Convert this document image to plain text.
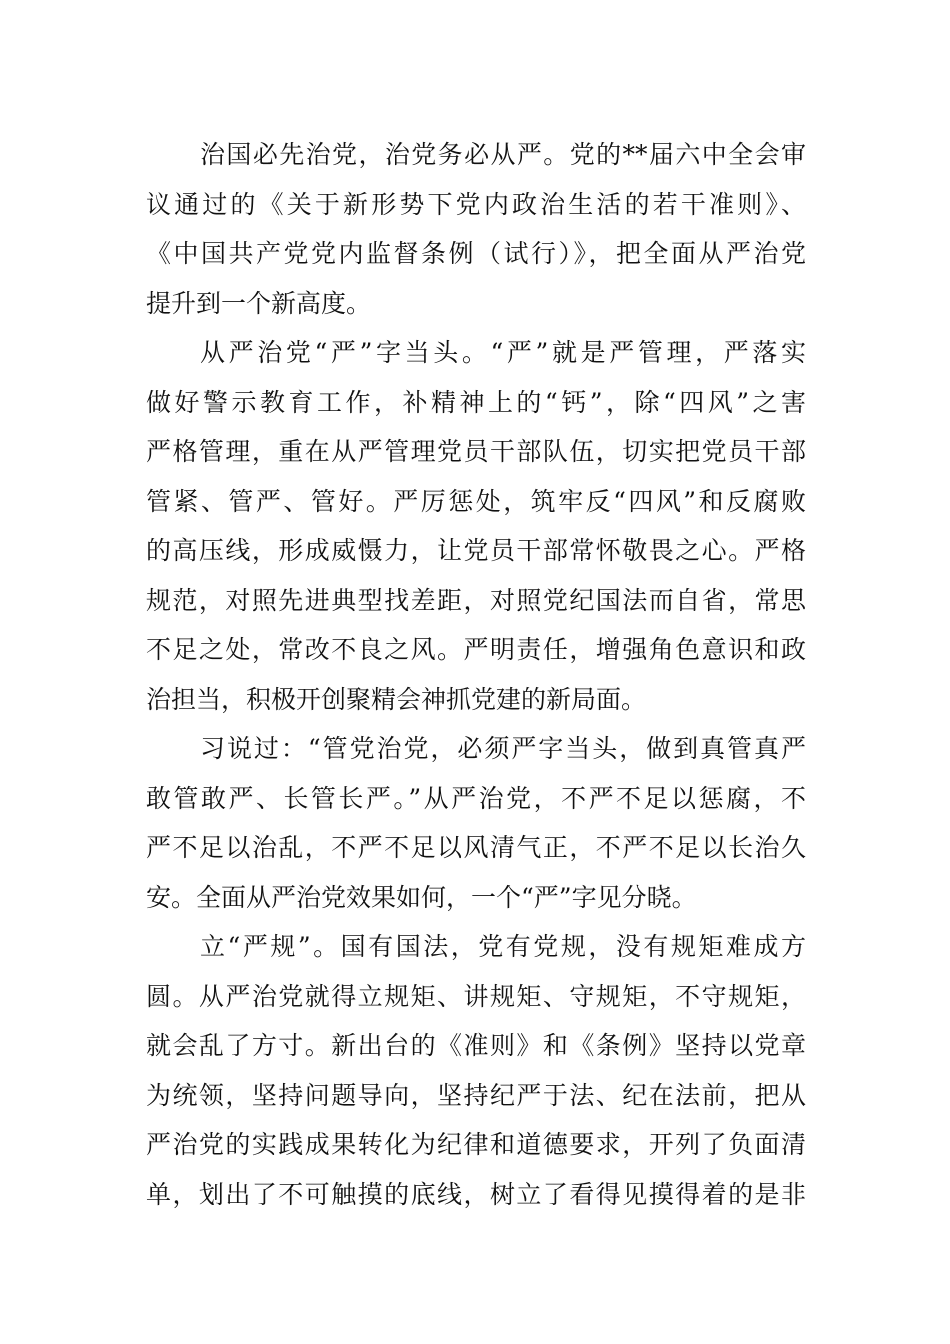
治国必先治党，治党务必从严。党的**届六中全会审

议通过的《关于新形势下党内政治生活的若干准则》、

《中国共产党党内监督条例（试行）》，把全面从严治党

提升到一个新高度。

从严治党“严”字当头。“严”就是严管理，严落实

做好警示教育工作，补精神上的“钙”，除“四风”之害

严格管理，重在从严管理党员干部队伍，切实把党员干部

管紧、管严、管好。严厉惩处，筑牢反“四风”和反腐败

的高压线，形成威慑力，让党员干部常怀敬畏之心。严格

规范，对照先进典型找差距，对照党纪国法而自省，常思

不足之处，常改不良之风。严明责任，增强角色意识和政

治担当，积极开创聚精会神抓党建的新局面。

习说过：“管党治党，必须严字当头，做到真管真严

敢管敢严、长管长严。”从严治党，不严不足以惩腐，不

严不足以治乱，不严不足以风清气正，不严不足以长治久

安。全面从严治党效果如何，一个“严”字见分晓。

立“严规”。国有国法，党有党规，没有规矩难成方

圆。从严治党就得立规矩、讲规矩、守规矩，不守规矩，

就会乱了方寸。新出台的《准则》和《条例》坚持以党章

为统领，坚持问题导向，坚持纪严于法、纪在法前，把从

严治党的实践成果转化为纪律和道德要求，开列了负面清

单，划出了不可触摸的底线，树立了看得见摸得着的是非
